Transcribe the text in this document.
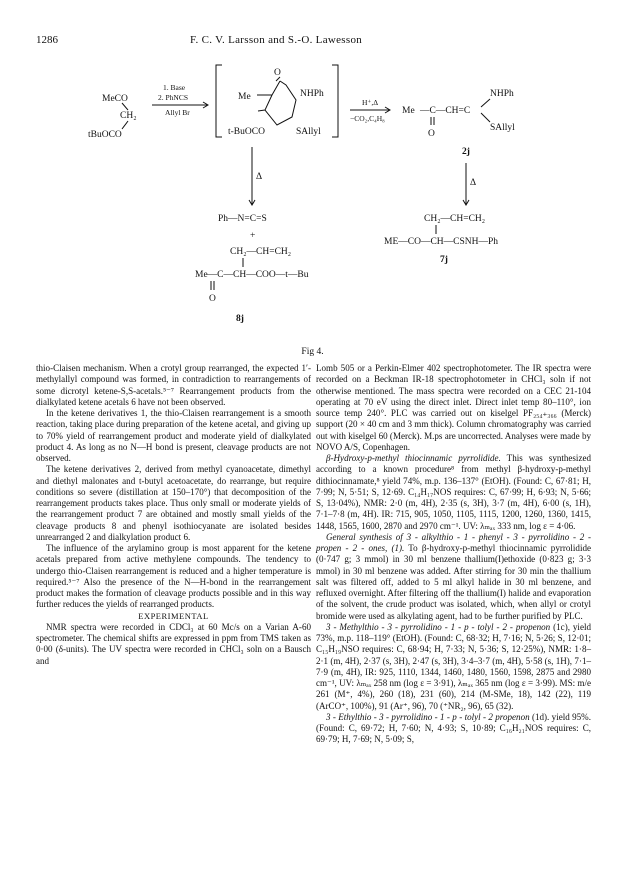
1286	F. C. V. Larsson and S.-O. Lawesson
MeCO
CH₂
tBuOCO
1. Base
2. PhNCS
Allyl Br
O
Me	NHPh
t-BuOCO	SAllyl
H⁺,Δ
−CO₂,C₄H₈
Me —C—CH=C
NHPh
SAllyl
O
2j
Δ
Δ
Ph—N=C=S
+
CH₂—CH=CH₂
Me—C—CH—COO—t—Bu
O
8j
CH₂—CH=CH₂
ME—CO—CH—CSNH—Ph
7j
Fig 4.

thio-Claisen mechanism. When a crotyl group rearranged, the expected 1′-methylallyl compound was formed, in contradiction to rearrangements of some dicrotyl ketene-S,S-acetals.⁵⁻⁷ Rearrangement products from the dialkylated ketene acetals 6 have not been observed.

In the ketene derivatives 1, the thio-Claisen rearrangement is a smooth reaction, taking place during preparation of the ketene acetal, and giving up to 70% yield of rearrangement product and moderate yield of dialkylated product 4. As long as no N—H bond is present, cleavage products are not observed.

The ketene derivatives 2, derived from methyl cyanoacetate, dimethyl and diethyl malonates and t-butyl acetoacetate, do rearrange, but require conditions so severe (distillation at 150–170°) that decomposition of the rearrangement products takes place. Thus only small or moderate yields of the rearrangement product 7 are obtained and mostly small yields of the cleavage products 8 and phenyl isothiocyanate are isolated besides unrearranged 2 and dialkylation product 6.

The influence of the arylamino group is most apparent for the ketene acetals prepared from active methylene compounds. The tendency to undergo thio-Claisen rearrangement is reduced and a higher temperature is required.⁵⁻⁷ Also the presence of the N—H-bond in the rearrangement product makes the formation of cleavage products possible and in this way further reduces the yields of rearranged products.

EXPERIMENTAL

NMR spectra were recorded in CDCl₃ at 60 Mc/s on a Varian A-60 spectrometer. The chemical shifts are expressed in ppm from TMS taken as 0·00 (δ-units). The UV spectra were recorded in CHCl₃ soln on a Bausch and

Lomb 505 or a Perkin-Elmer 402 spectrophotometer. The IR spectra were recorded on a Beckman IR-18 spectrophotometer in CHCl₃ soln if not otherwise mentioned. The mass spectra were recorded on a CEC 21-104 operating at 70 eV using the direct inlet. Direct inlet temp 80–110°, ion source temp 240°. PLC was carried out on kiselgel PF₂₅₄₊₃₆₆ (Merck) support (20 × 40 cm and 3 mm thick). Column chromatography was carried out with kiselgel 60 (Merck). M.ps are uncorrected. Analyses were made by NOVO A/S, Copenhagen.

β-Hydroxy-p-methyl thiocinnamic pyrrolidide. This was synthesized according to a known procedure⁸ from methyl β-hydroxy-p-methyl dithiocinnamate,⁸ yield 74%, m.p. 136–137° (EtOH). (Found: C, 67·81; H, 7·99; N, 5·51; S, 12·69. C₁₄H₁₇NOS requires: C, 67·99; H, 6·93; N, 5·66; S, 13·04%), NMR: 2·0 (m, 4H), 2·35 (s, 3H), 3·7 (m, 4H), 6·00 (s, 1H), 7·1–7·8 (m, 4H). IR: 715, 905, 1050, 1105, 1115, 1200, 1260, 1360, 1415, 1448, 1565, 1600, 2870 and 2970 cm⁻¹. UV: λₘₐₓ 333 nm, log ε = 4·06.

General synthesis of 3 - alkylthio - 1 - phenyl - 3 - pyrrolidino - 2 - propen - 2 - ones, (1). To β-hydroxy-p-methyl thiocinnamic pyrrolidide (0·747 g; 3 mmol) in 30 ml benzene thallium(I)ethoxide (0·823 g; 3·3 mmol) in 30 ml benzene was added. After stirring for 30 min the thallium salt was filtered off, added to 5 ml alkyl halide in 30 ml benzene, and refluxed overnight. After filtering off the thallium(I) halide and evaporation of the solvent, the crude product was isolated, which, when allyl or crotyl bromide were used as alkylating agent, had to be further purified by PLC.

3 - Methylthio - 3 - pyrrolidino - 1 - p - tolyl - 2 - propenon (1c), yield 73%, m.p. 118–119° (EtOH). (Found: C, 68·32; H, 7·16; N, 5·26; S, 12·01; C₁₅H₁₉NSO requires: C, 68·94; H, 7·33; N, 5·36; S, 12·25%), NMR: 1·8–2·1 (m, 4H), 2·37 (s, 3H), 2·47 (s, 3H), 3·4–3·7 (m, 4H), 5·58 (s, 1H), 7·1–7·9 (m, 4H), IR: 925, 1110, 1344, 1460, 1480, 1560, 1598, 2875 and 2980 cm⁻¹, UV: λₘₐₓ 258 nm (log ε = 3·91), λₘₐₓ 365 nm (log ε = 3·99). MS: m/e 261 (M⁺, 4%), 260 (18), 231 (60), 214 (M-SMe, 18), 142 (22), 119 (ArCO⁺, 100%), 91 (Ar⁺, 96), 70 (⁺NR₂, 96), 65 (32).

3 - Ethylthio - 3 - pyrrolidino - 1 - p - tolyl - 2 propenon (1d). yield 95%. (Found: C, 69·72; H, 7·60; N, 4·93; S, 10·89; C₁₆H₂₁NOS requires: C, 69·79; H, 7·69; N, 5·09; S,
